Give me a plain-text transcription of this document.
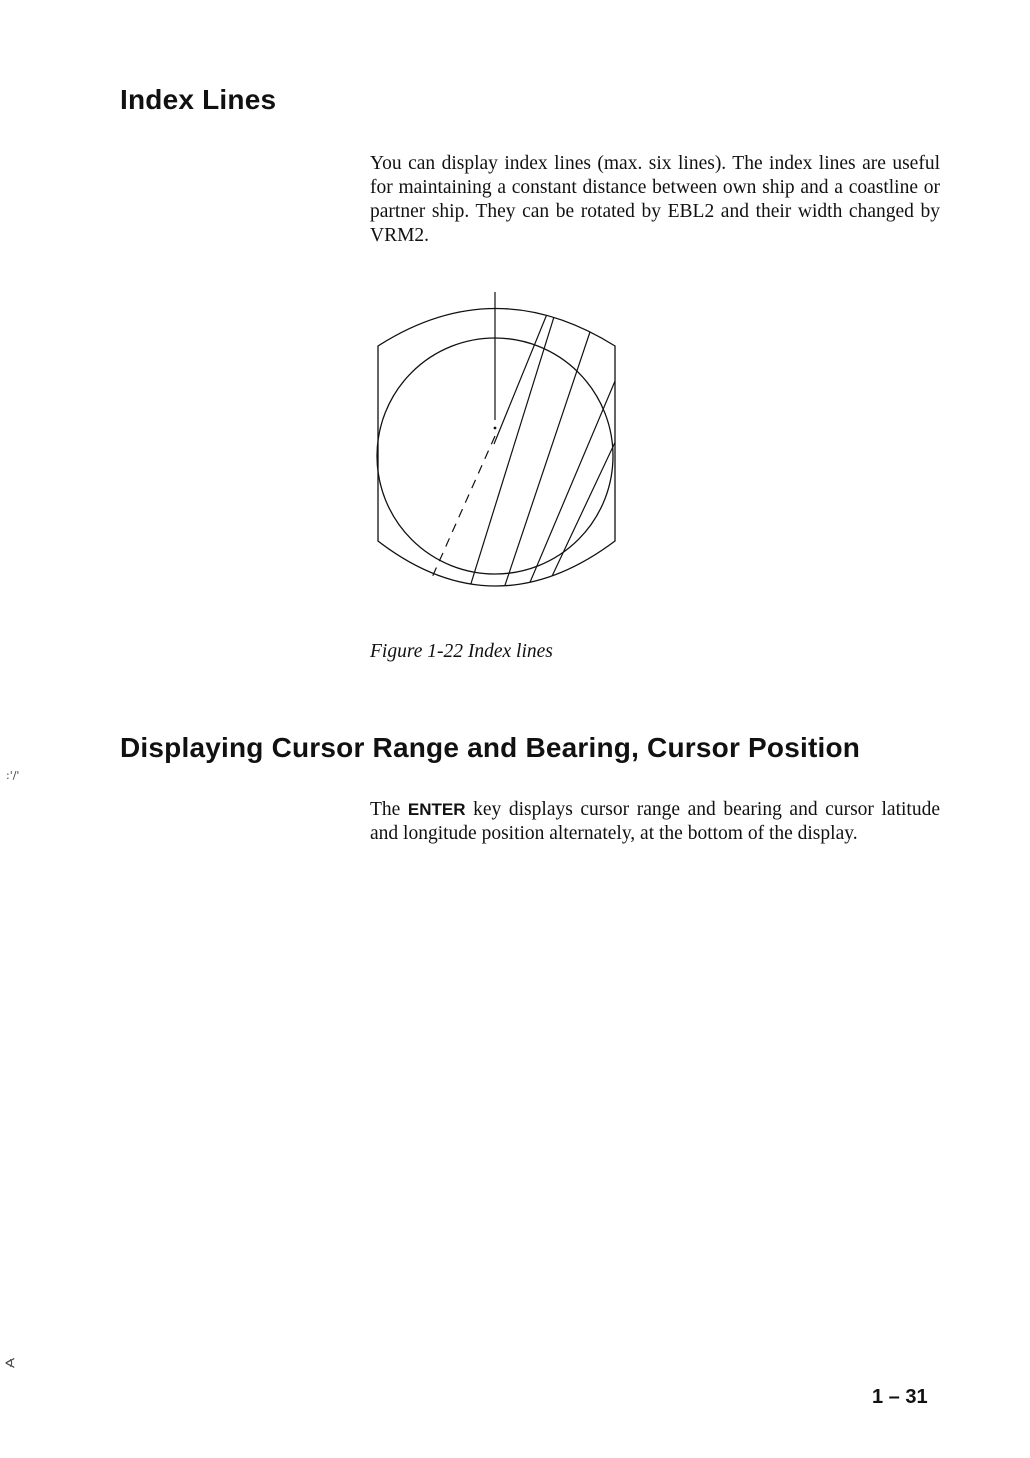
Index Lines

You can display index lines (max. six lines). The index lines are useful for maintaining a constant distance between own ship and a coastline or partner ship. They can be rotated by EBL2 and their width changed by VRM2.

Figure 1-22 Index lines

Displaying Cursor Range and Bearing, Cursor Position

The ENTER key displays cursor range and bearing and cursor latitude and longitude position alternately, at the bottom of the display.

:'/'
∢

1 – 31
